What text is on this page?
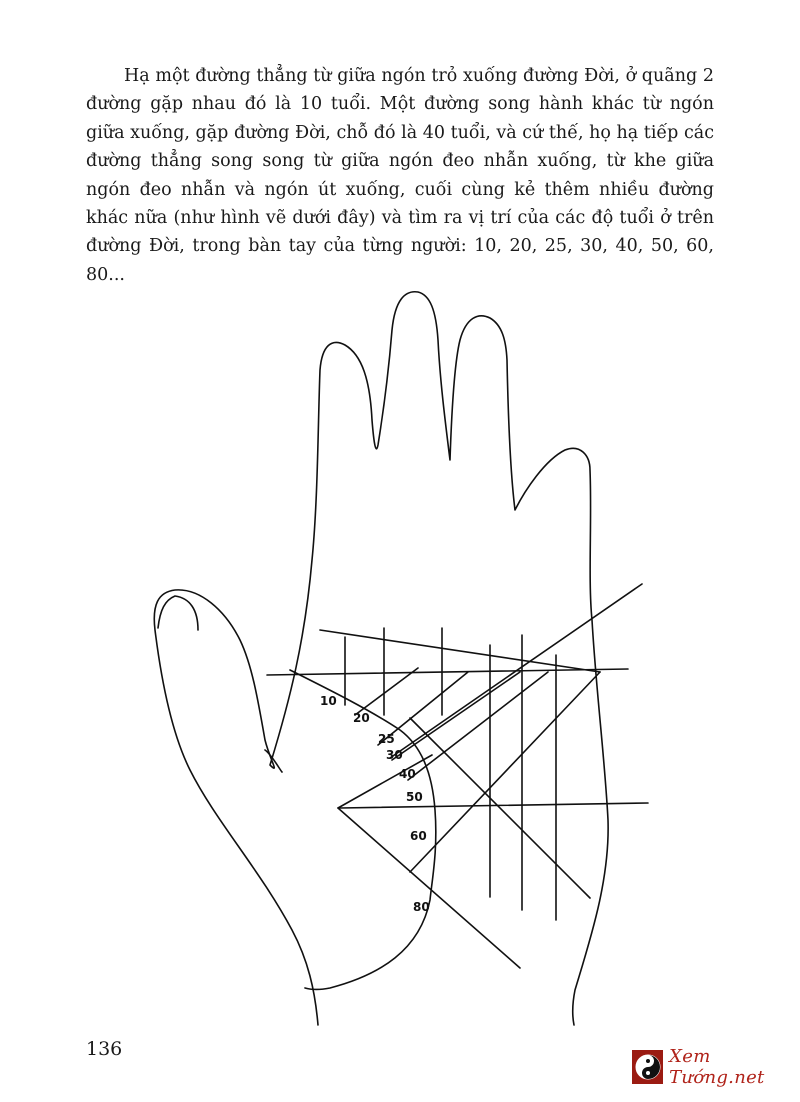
Hạ một đường thẳng từ giữa ngón trỏ xuống đường Đời, ở quãng 2 đường gặp nhau đó là 10 tuổi. Một đường song hành khác từ ngón giữa xuống, gặp đường Đời, chỗ đó là 40 tuổi, và cứ thế, họ hạ tiếp các đường thẳng song song từ giữa ngón đeo nhẫn xuống, từ khe giữa ngón đeo nhẫn và ngón út xuống, cuối cùng kẻ thêm nhiều đường khác nữa (như hình vẽ dưới đây) và tìm ra vị trí của các độ tuổi ở trên đường Đời, trong bàn tay của từng người: 10, 20, 25, 30, 40, 50, 60, 80...

10
20
25
30
40
50
60
80
136	Xem Tướng.net
